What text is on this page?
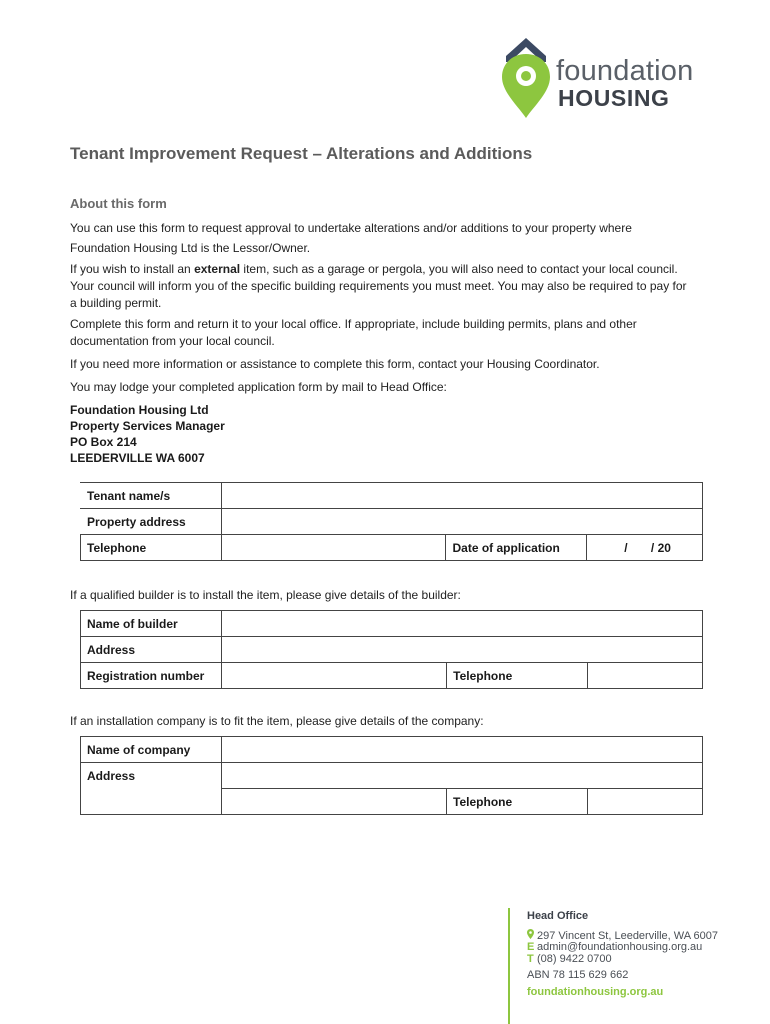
foundation
HOUSING
Tenant Improvement Request – Alterations and Additions
About this form

You can use this form to request approval to undertake alterations and/or additions to your property where Foundation Housing Ltd is the Lessor/Owner.

If you wish to install an external item, such as a garage or pergola, you will also need to contact your local council. Your council will inform you of the specific building requirements you must meet. You may also be required to pay for a building permit.

Complete this form and return it to your local office. If appropriate, include building permits, plans and other documentation from your local council.

If you need more information or assistance to complete this form, contact your Housing Coordinator.

You may lodge your completed application form by mail to Head Office:

Foundation Housing Ltd
Property Services Manager
PO Box 214
LEEDERVILLE WA 6007
Tenant name/s			
Property address			
Telephone		Date of application	/       / 20

If a qualified builder is to install the item, please give details of the builder:

Name of builder			
Address			
Registration number		Telephone	

If an installation company is to fit the item, please give details of the company:

Name of company			
Address			
		Telephone	
Head Office
297 Vincent St, Leederville, WA 6007
E admin@foundationhousing.org.au
T (08) 9422 0700
ABN 78 115 629 662
foundationhousing.org.au
